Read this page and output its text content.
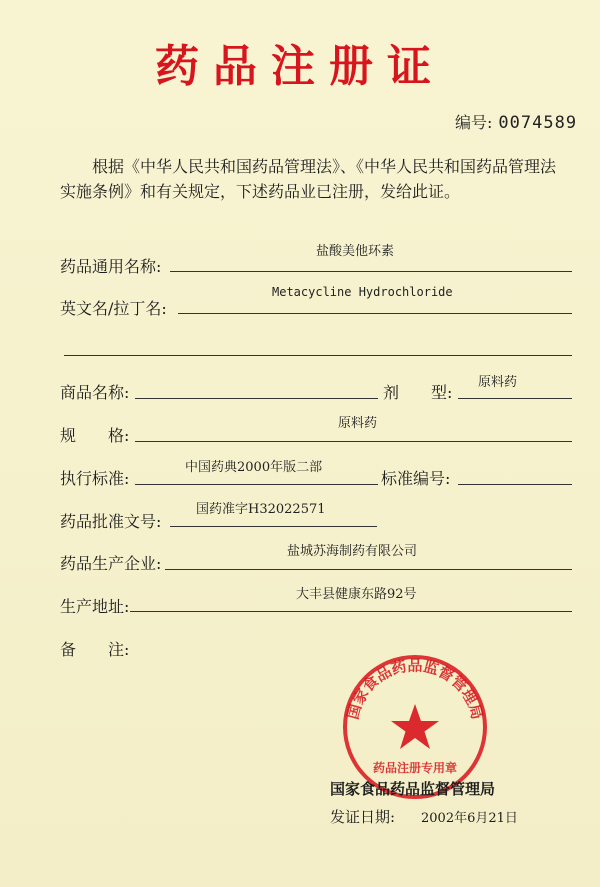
药品注册证
编号: 0074589
根据《中华人民共和国药品管理法》、《中华人民共和国药品管理法实施条例》和有关规定，下述药品业已注册，发给此证。
药品通用名称:
盐酸美他环素
英文名/拉丁名:
Metacycline Hydrochloride
商品名称:	剂　　型:
原料药
规　　格:
原料药
执行标准:
中国药典2000年版二部
标准编号:
药品批准文号:
国药准字H32022571
药品生产企业:
盐城苏海制药有限公司
生产地址:
大丰县健康东路92号
备　　注:
国家食品药品监督管理局
药品注册专用章
国家食品药品监督管理局
发证日期: 2002年6月21日
